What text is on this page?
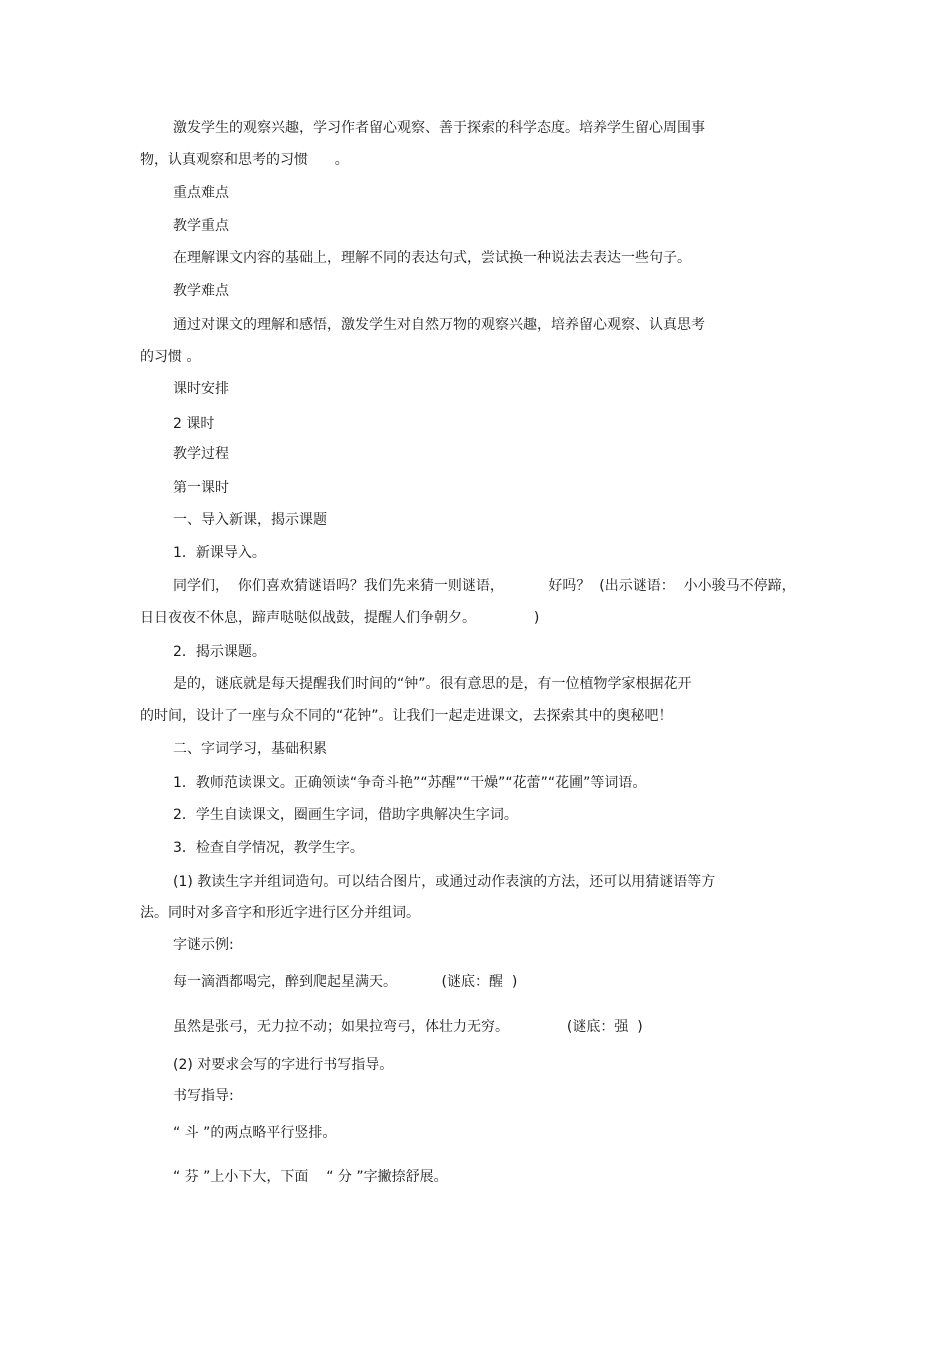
激发学生的观察兴趣，学习作者留心观察、善于探索的科学态度。培养学生留心周围事
物，认真观察和思考的习惯      。
重点难点
教学重点
在理解课文内容的基础上，理解不同的表达句式，尝试换一种说法去表达一些句子。
教学难点
通过对课文的理解和感悟，激发学生对自然万物的观察兴趣，培养留心观察、认真思考
的习惯 。
课时安排
2 课时
教学过程
第一课时
一、导入新课，揭示课题
1．新课导入。
同学们，  你们喜欢猜谜语吗？我们先来猜一则谜语，          好吗？  (出示谜语：  小小骏马不停蹄，
日日夜夜不休息，蹄声哒哒似战鼓，提醒人们争朝夕。             )
2．揭示课题。
是的，谜底就是每天提醒我们时间的“钟”。很有意思的是，有一位植物学家根据花开
的时间，设计了一座与众不同的“花钟”。让我们一起走进课文，去探索其中的奥秘吧！
二、字词学习，基础积累
1．教师范读课文。正确领读“争奇斗艳”“苏醒”“干燥”“花蕾”“花圃”等词语。
2．学生自读课文，圈画生字词，借助字典解决生字词。
3．检查自学情况，教学生字。
(1) 教读生字并组词造句。可以结合图片，或通过动作表演的方法，还可以用猜谜语等方
法。同时对多音字和形近字进行区分并组词。
字谜示例:
每一滴酒都喝完，醉到爬起星满天。          (谜底：醒  )
虽然是张弓，无力拉不动；如果拉弯弓，体壮力无穷。             (谜底：强  )
(2) 对要求会写的字进行书写指导。
书写指导:
“ 斗 ”的两点略平行竖排。
“ 芬 ”上小下大，下面    “ 分 ”字撇捺舒展。
